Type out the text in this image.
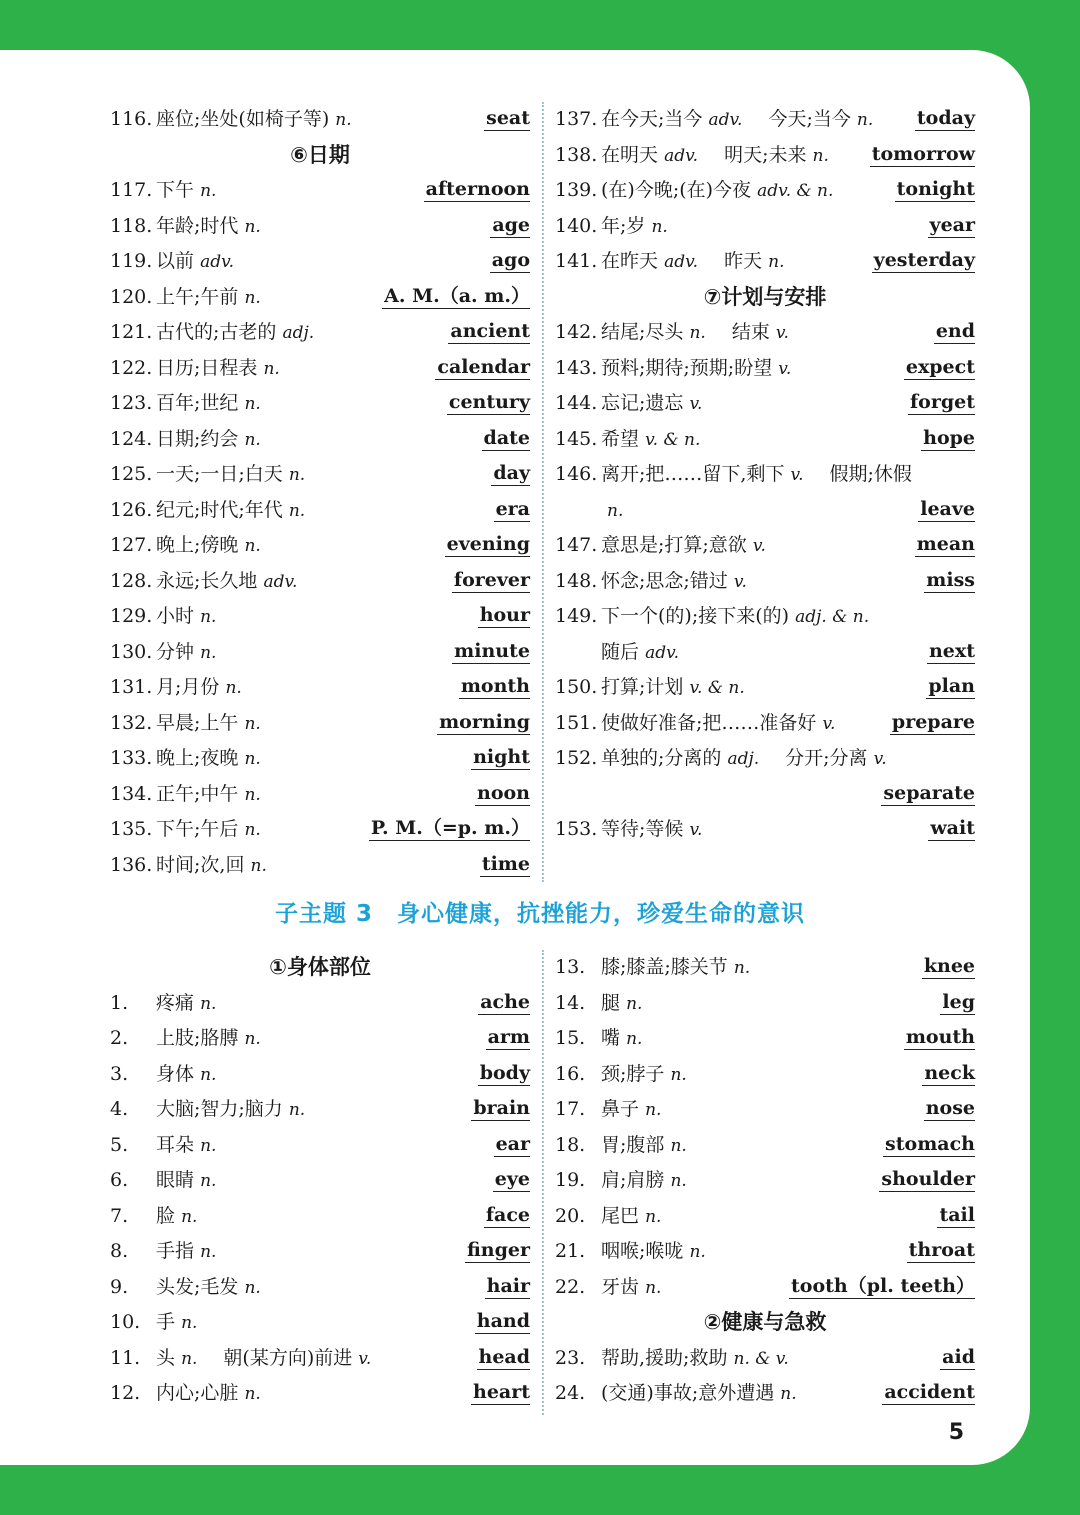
116. 座位;坐处(如椅子等) n.	seat
⑥日期
117. 下午 n.	afternoon
118. 年龄;时代 n.	age
119. 以前 adv.	ago
120. 上午;午前 n.	A. M.（a. m.）
121. 古代的;古老的 adj.	ancient
122. 日历;日程表 n.	calendar
123. 百年;世纪 n.	century
124. 日期;约会 n.	date
125. 一天;一日;白天 n.	day
126. 纪元;时代;年代 n.	era
127. 晚上;傍晚 n.	evening
128. 永远;长久地 adv.	forever
129. 小时 n.	hour
130. 分钟 n.	minute
131. 月;月份 n.	month
132. 早晨;上午 n.	morning
133. 晚上;夜晚 n.	night
134. 正午;中午 n.	noon
135. 下午;午后 n.	P. M.（=p. m.）
136. 时间;次,回 n.	time
137. 在今天;当今 adv. 今天;当今 n. today
138. 在明天 adv. 明天;未来 n. tomorrow
139. (在)今晚;(在)今夜 adv. & n.	tonight
140. 年;岁 n.	year
141. 在昨天 adv. 昨天 n.	yesterday
⑦计划与安排
142. 结尾;尽头 n. 结束 v.	end
143. 预料;期待;预期;盼望 v.	expect
144. 忘记;遗忘 v.	forget
145. 希望 v. & n.	hope
146. 离开;把……留下,剩下 v. 假期;休假
n.	leave
147. 意思是;打算;意欲 v.	mean
148. 怀念;思念;错过 v.	miss
149. 下一个(的);接下来(的) adj. & n.
随后 adv.	next
150. 打算;计划 v. & n.	plan
151. 使做好准备;把……准备好 v.	prepare
152. 单独的;分离的 adj. 分开;分离 v.
separate
153. 等待;等候 v.	wait
子主题 3　身心健康，抗挫能力，珍爱生命的意识
①身体部位
1. 疼痛 n.	ache
2. 上肢;胳膊 n.	arm
3. 身体 n.	body
4. 大脑;智力;脑力 n.	brain
5. 耳朵 n.	ear
6. 眼睛 n.	eye
7. 脸 n.	face
8. 手指 n.	finger
9. 头发;毛发 n.	hair
10. 手 n.	hand
11. 头 n. 朝(某方向)前进 v.	head
12. 内心;心脏 n.	heart
13. 膝;膝盖;膝关节 n.	knee
14. 腿 n.	leg
15. 嘴 n.	mouth
16. 颈;脖子 n.	neck
17. 鼻子 n.	nose
18. 胃;腹部 n.	stomach
19. 肩;肩膀 n.	shoulder
20. 尾巴 n.	tail
21. 咽喉;喉咙 n.	throat
22. 牙齿 n.	tooth（pl. teeth）
②健康与急救
23. 帮助,援助;救助 n. & v.	aid
24. (交通)事故;意外遭遇 n.	accident
5
